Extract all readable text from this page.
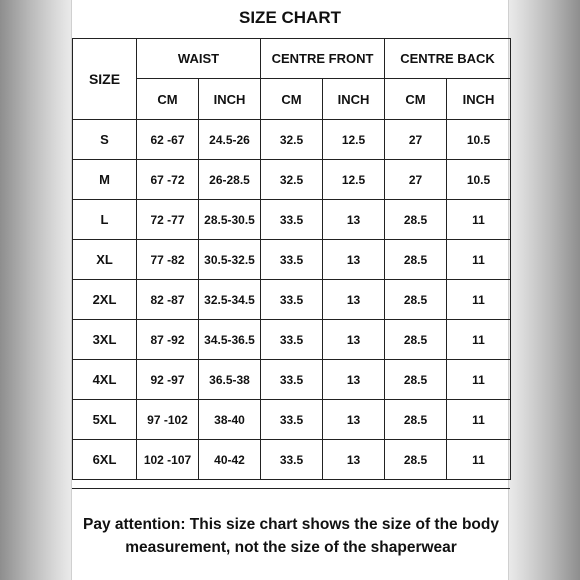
SIZE CHART
SIZE	WAIST		CENTRE FRONT		CENTRE BACK	
	CM	INCH	CM	INCH	CM	INCH
S	62 -67	24.5-26	32.5	12.5	27	10.5
M	67 -72	26-28.5	32.5	12.5	27	10.5
L	72 -77	28.5-30.5	33.5	13	28.5	11
XL	77 -82	30.5-32.5	33.5	13	28.5	11
2XL	82 -87	32.5-34.5	33.5	13	28.5	11
3XL	87 -92	34.5-36.5	33.5	13	28.5	11
4XL	92 -97	36.5-38	33.5	13	28.5	11
5XL	97 -102	38-40	33.5	13	28.5	11
6XL	102 -107	40-42	33.5	13	28.5	11
Pay attention: This size chart shows the size of the body
measurement, not the size of the shaperwear
